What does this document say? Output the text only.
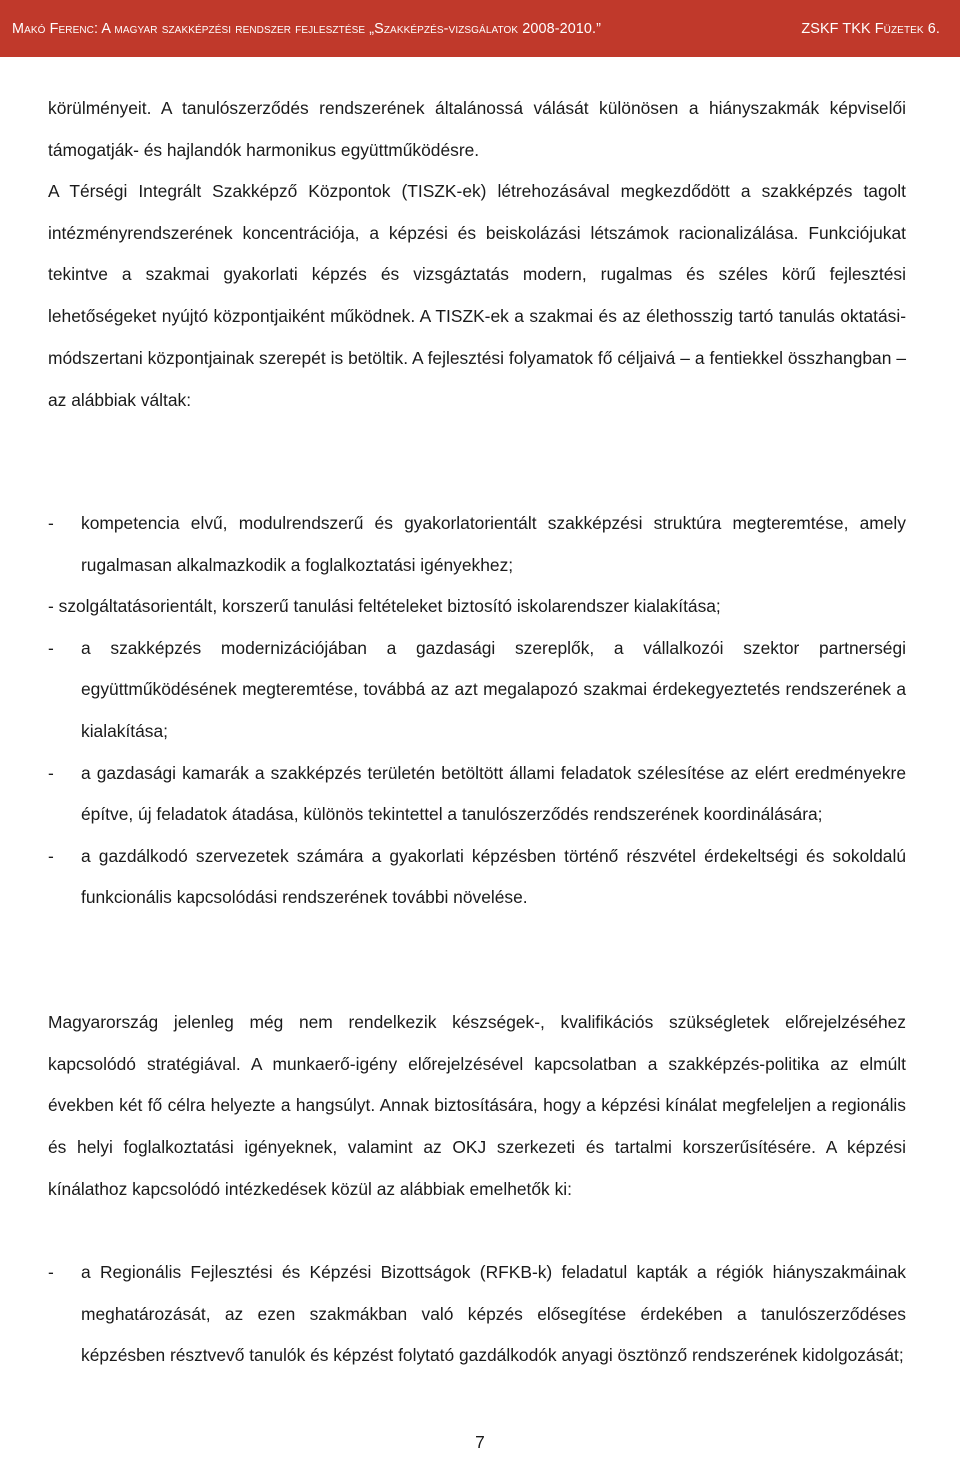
Makó Ferenc: A magyar szakképzési rendszer fejlesztése „Szakképzés-vizsgálatok 2008-2010.”	ZSKF TKK Füzetek 6.

körülményeit. A tanulószerződés rendszerének általánossá válását különösen a hiányszakmák képviselői támogatják- és hajlandók harmonikus együttműködésre.

A Térségi Integrált Szakképző Központok (TISZK-ek) létrehozásával megkezdődött a szakképzés tagolt intézményrendszerének koncentrációja, a képzési és beiskolázási létszámok racionalizálása. Funkciójukat tekintve a szakmai gyakorlati képzés és vizsgáztatás modern, rugalmas és széles körű fejlesztési lehetőségeket nyújtó központjaiként működnek. A TISZK-ek a szakmai és az élethosszig tartó tanulás oktatási-módszertani központjainak szerepét is betöltik. A fejlesztési folyamatok fő céljaivá – a fentiekkel összhangban – az alábbiak váltak:

- kompetencia elvű, modulrendszerű és gyakorlatorientált szakképzési struktúra megteremtése, amely rugalmasan alkalmazkodik a foglalkoztatási igényekhez;
- szolgáltatásorientált, korszerű tanulási feltételeket biztosító iskolarendszer kialakítása;
- a szakképzés modernizációjában a gazdasági szereplők, a vállalkozói szektor partnerségi együttműködésének megteremtése, továbbá az azt megalapozó szakmai érdekegyeztetés rendszerének a kialakítása;
- a gazdasági kamarák a szakképzés területén betöltött állami feladatok szélesítése az elért eredményekre építve, új feladatok átadása, különös tekintettel a tanulószerződés rendszerének koordinálására;
- a gazdálkodó szervezetek számára a gyakorlati képzésben történő részvétel érdekeltségi és sokoldalú funkcionális kapcsolódási rendszerének további növelése.

Magyarország jelenleg még nem rendelkezik készségek-, kvalifikációs szükségletek előrejelzéséhez kapcsolódó stratégiával. A munkaerő-igény előrejelzésével kapcsolatban a szakképzés-politika az elmúlt években két fő célra helyezte a hangsúlyt. Annak biztosítására, hogy a képzési kínálat megfeleljen a regionális és helyi foglalkoztatási igényeknek, valamint az OKJ szerkezeti és tartalmi korszerűsítésére. A képzési kínálathoz kapcsolódó intézkedések közül az alábbiak emelhetők ki:

- a Regionális Fejlesztési és Képzési Bizottságok (RFKB-k) feladatul kapták a régiók hiányszakmáinak meghatározását, az ezen szakmákban való képzés elősegítése érdekében a tanulószerződéses képzésben résztvevő tanulók és képzést folytató gazdálkodók anyagi ösztönző rendszerének kidolgozását;
7
